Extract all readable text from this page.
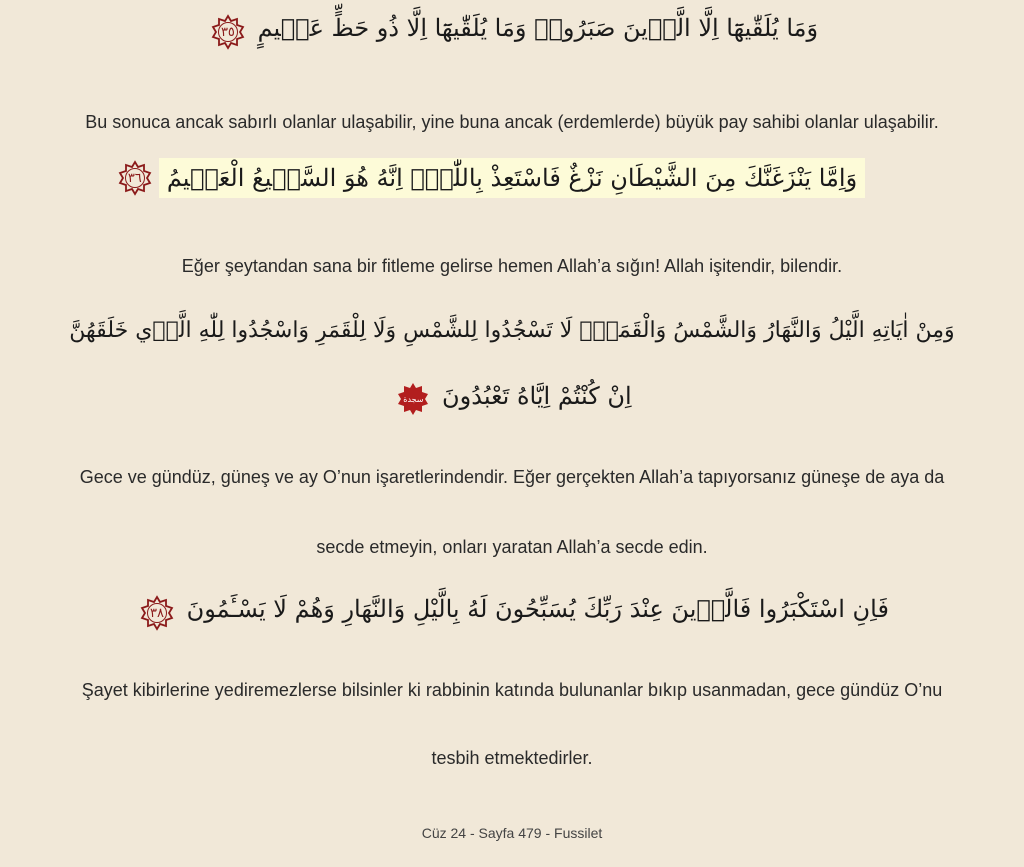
وَمَا يُلَقّٰيهَٓا اِلَّا الَّذ۪ينَ صَبَرُواۚ وَمَا يُلَقّٰيهَٓا اِلَّا ذُو حَظٍّ عَظ۪يمٍ
٣٥
Bu sonuca ancak sabırlı olanlar ulaşabilir, yine buna ancak (erdemlerde) büyük pay sahibi olanlar ulaşabilir.
وَاِمَّا يَنْزَغَنَّكَ مِنَ الشَّيْطَانِ نَزْغٌ فَاسْتَعِذْ بِاللّٰهِۜ اِنَّهُ هُوَ السَّم۪يعُ الْعَل۪يمُ
٣٦
Eğer şeytandan sana bir fitleme gelirse hemen Allah’a sığın! Allah işitendir, bilendir.
وَمِنْ اٰيَاتِهِ الَّيْلُ وَالنَّهَارُ وَالشَّمْسُ وَالْقَمَرُۜ لَا تَسْجُدُوا لِلشَّمْسِ وَلَا لِلْقَمَرِ وَاسْجُدُوا لِلّٰهِ الَّذ۪ي خَلَقَهُنَّ
اِنْ كُنْتُمْ اِيَّاهُ تَعْبُدُونَ
سجدة
Gece ve gündüz, güneş ve ay O’nun işaretlerindendir. Eğer gerçekten Allah’a tapıyorsanız güneşe de aya da
secde etmeyin, onları yaratan Allah’a secde edin.
فَاِنِ اسْتَكْبَرُوا فَالَّذ۪ينَ عِنْدَ رَبِّكَ يُسَبِّحُونَ لَهُ بِالَّيْلِ وَالنَّهَارِ وَهُمْ لَا يَسْـَٔمُونَ
٣٨
Şayet kibirlerine yediremezlerse bilsinler ki rabbinin katında bulunanlar bıkıp usanmadan, gece gündüz O’nu
tesbih etmektedirler.
Cüz 24 - Sayfa 479 - Fussilet
